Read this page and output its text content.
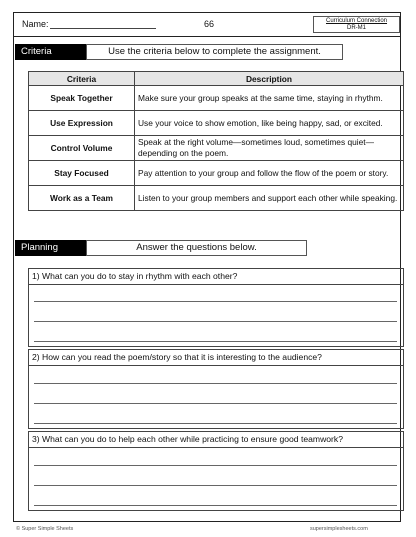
Name:	66	Curriculum Connection
DR-M1
Criteria	Use the criteria below to complete the assignment.
Criteria	Description
Speak Together	Make sure your group speaks at the same time, staying in rhythm.
Use Expression	Use your voice to show emotion, like being happy, sad, or excited.
Control Volume	Speak at the right volume—sometimes loud, sometimes quiet—depending on the poem.
Stay Focused	Pay attention to your group and follow the flow of the poem or story.
Work as a Team	Listen to your group members and support each other while speaking.
Planning	Answer the questions below.
1) What can you do to stay in rhythm with each other?
2) How can you read the poem/story so that it is interesting to the audience?
3) What can you do to help each other while practicing to ensure good teamwork?
© Super Simple Sheets	supersimplesheets.com
